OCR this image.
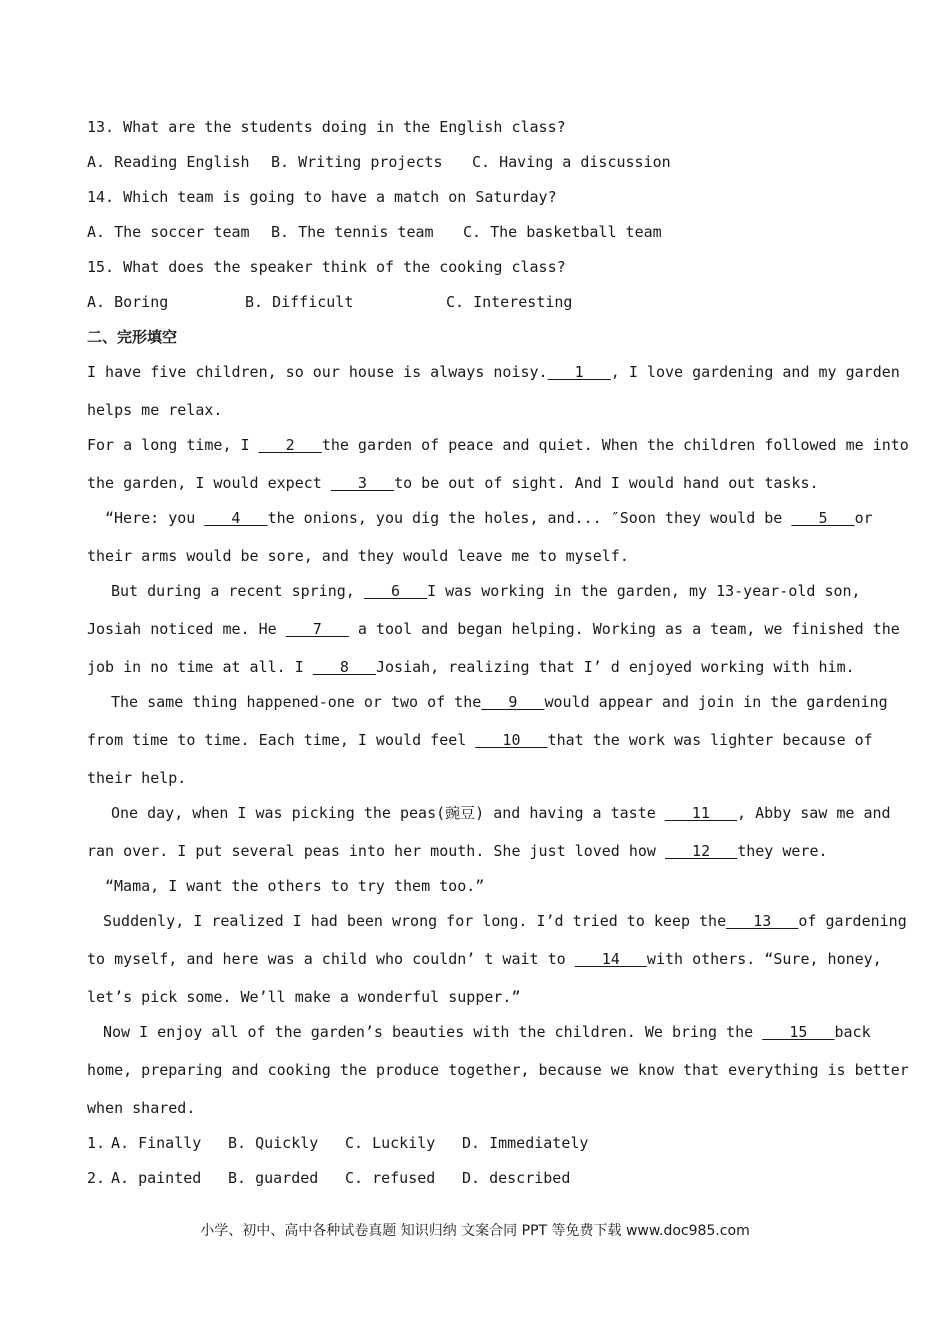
13. What are the students doing in the English class?
A. Reading English B. Writing projects C. Having a discussion
14. Which team is going to have a match on Saturday?
A. The soccer team B. The tennis team C. The basketball team
15. What does the speaker think of the cooking class?
A. Boring	B. Difficult	C. Interesting
二、完形填空
I have five children, so our house is always noisy.   1   , I love gardening and my garden
helps me relax.
For a long time, I    2   the garden of peace and quiet. When the children followed me into
the garden, I would expect    3   to be out of sight. And I would hand out tasks.
“Here: you    4   the onions, you dig the holes, and... ″Soon they would be    5   or
their arms would be sore, and they would leave me to myself.
But during a recent spring,    6   I was working in the garden, my 13-year-old son,
Josiah noticed me. He    7    a tool and began helping. Working as a team, we finished the
job in no time at all. I    8   Josiah, realizing that I’ d enjoyed working with him.
The same thing happened-one or two of the   9   would appear and join in the gardening
from time to time. Each time, I would feel    10   that the work was lighter because of
their help.
One day, when I was picking the peas(豌豆) and having a taste    11   , Abby saw me and
ran over. I put several peas into her mouth. She just loved how    12   they were.
“Mama, I want the others to try them too.”
Suddenly, I realized I had been wrong for long. I’d tried to keep the   13   of gardening
to myself, and here was a child who couldn’ t wait to    14   with others. “Sure, honey,
let’s pick some. We’ll make a wonderful supper.”
Now I enjoy all of the garden’s beauties with the children. We bring the    15   back
home, preparing and cooking the produce together, because we know that everything is better
when shared.
1. A. Finally B. Quickly C. Luckily D. Immediately
2. A. painted B. guarded C. refused D. described
小学、初中、高中各种试卷真题 知识归纳 文案合同 PPT 等免费下载 www.doc985.com
